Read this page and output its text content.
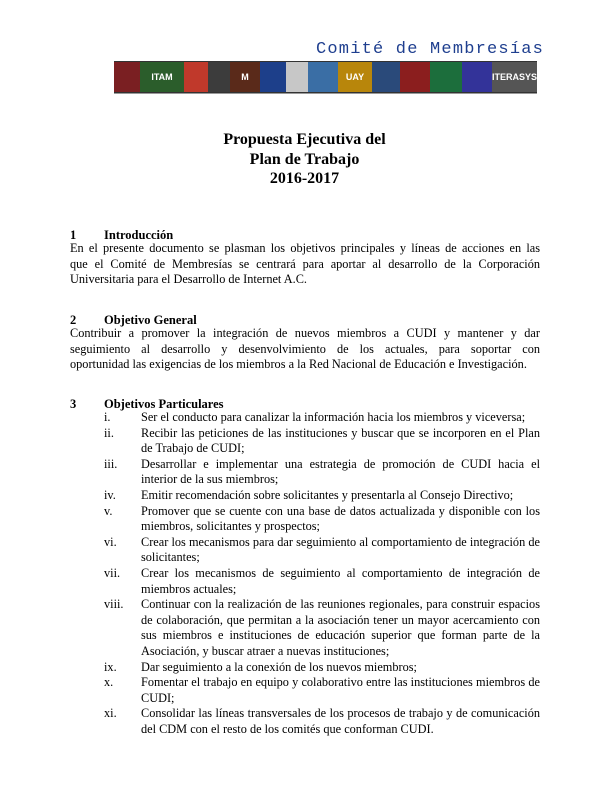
Comité de Membresías
ITAM	M	UAY	ITERASYS
Propuesta Ejecutiva del
Plan de Trabajo
2016-2017
1 Introducción
En el presente documento se plasman los objetivos principales y líneas de acciones en las
que el Comité de Membresías se centrará para aportar al desarrollo de la Corporación
Universitaria para el Desarrollo de Internet A.C.
2 Objetivo General
Contribuir a promover la integración de nuevos miembros a CUDI y mantener y dar
seguimiento al desarrollo y desenvolvimiento de los actuales, para soportar con
oportunidad las exigencias de los miembros a la Red Nacional de Educación e Investigación.
3 Objetivos Particulares
i.	Ser el conducto para canalizar la información hacia los miembros y viceversa;
ii.	Recibir las peticiones de las instituciones y buscar que se incorporen en el Plan de Trabajo de CUDI;
iii.	Desarrollar e implementar una estrategia de promoción de CUDI hacia el interior de la sus miembros;
iv.	Emitir recomendación sobre solicitantes y presentarla al Consejo Directivo;
v.	Promover que se cuente con una base de datos actualizada y disponible con los miembros, solicitantes y prospectos;
vi.	Crear los mecanismos para dar seguimiento al comportamiento de integración de solicitantes;
vii.	Crear los mecanismos de seguimiento al comportamiento de integración de miembros actuales;
viii.	Continuar con la realización de las reuniones regionales, para construir espacios de colaboración, que permitan a la asociación tener un mayor acercamiento con sus miembros e instituciones de educación superior que forman parte de la Asociación, y buscar atraer a nuevas instituciones;
ix.	Dar seguimiento a la conexión de los nuevos miembros;
x.	Fomentar el trabajo en equipo y colaborativo entre las instituciones miembros de CUDI;
xi.	Consolidar las líneas transversales de los procesos de trabajo y de comunicación del CDM con el resto de los comités que conforman CUDI.
